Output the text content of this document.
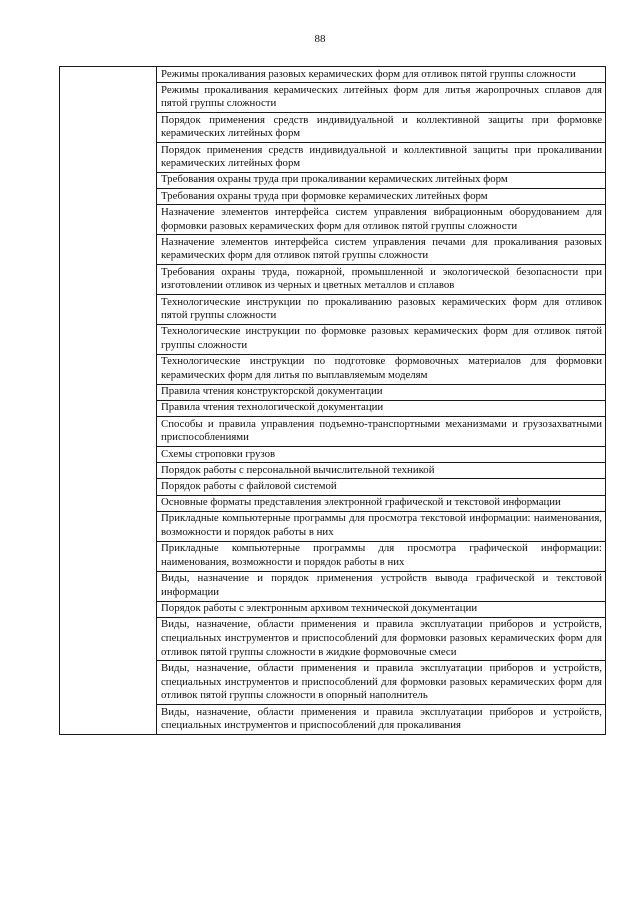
88
	Режимы прокаливания разовых керамических форм для отливок пятой группы сложности
Режимы прокаливания керамических литейных форм для литья жаропрочных сплавов для пятой группы сложности
Порядок применения средств индивидуальной и коллективной защиты при формовке керамических литейных форм
Порядок применения средств индивидуальной и коллективной защиты при прокаливании керамических литейных форм
Требования охраны труда при прокаливании керамических литейных форм
Требования охраны труда при формовке керамических литейных форм
Назначение элементов интерфейса систем управления вибрационным оборудованием для формовки разовых керамических форм для отливок пятой группы сложности
Назначение элементов интерфейса систем управления печами для прокаливания разовых керамических форм для отливок пятой группы сложности
Требования охраны труда, пожарной, промышленной и экологической безопасности при изготовлении отливок из черных и цветных металлов и сплавов
Технологические инструкции по прокаливанию разовых керамических форм для отливок пятой группы сложности
Технологические инструкции по формовке разовых керамических форм для отливок пятой группы сложности
Технологические инструкции по подготовке формовочных материалов для формовки керамических форм для литья по выплавляемым моделям
Правила чтения конструкторской документации
Правила чтения технологической документации
Способы и правила управления подъемно-транспортными механизмами и грузозахватными приспособлениями
Схемы строповки грузов
Порядок работы с персональной вычислительной техникой
Порядок работы с файловой системой
Основные форматы представления электронной графической и текстовой информации
Прикладные компьютерные программы для просмотра текстовой информации: наименования, возможности и порядок работы в них
Прикладные компьютерные программы для просмотра графической информации: наименования, возможности и порядок работы в них
Виды, назначение и порядок применения устройств вывода графической и текстовой информации
Порядок работы с электронным архивом технической документации
Виды, назначение, области применения и правила эксплуатации приборов и устройств, специальных инструментов и приспособлений для формовки разовых керамических форм для отливок пятой группы сложности в жидкие формовочные смеси
Виды, назначение, области применения и правила эксплуатации приборов и устройств, специальных инструментов и приспособлений для формовки разовых керамических форм для отливок пятой группы сложности в опорный наполнитель
Виды, назначение, области применения и правила эксплуатации приборов и устройств, специальных инструментов и приспособлений для прокаливания
